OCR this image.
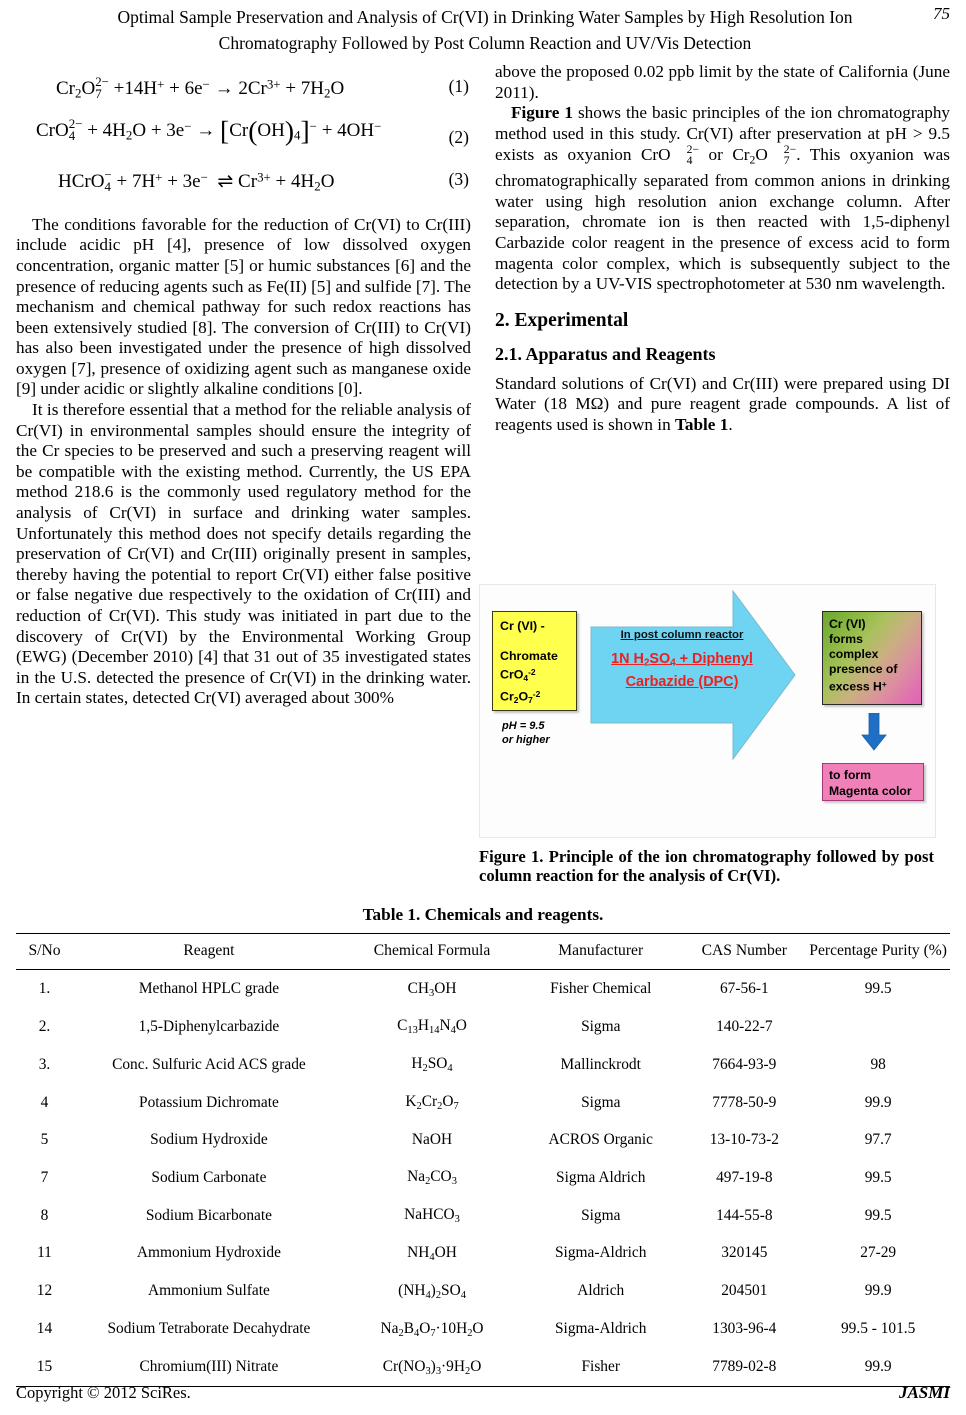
Optimal Sample Preservation and Analysis of Cr(VI) in Drinking Water Samples by High Resolution Ion
Chromatography Followed by Post Column Reaction and UV/Vis Detection
75
$Cr_2O$ 2−
$7 +14H^+ + 6e^- \to 2Cr^{3+} + 7H_2O$	(1)
CrO 2−
$4 + 4H_2O + 3e^- \to [Cr(OH)_4]^- + 4OH^-$
(2)
HCrO −
4 + 7H+ + 3e−  ⇌ $Cr^{3+} + 4H_2O$	(3)

The conditions favorable for the reduction of Cr(VI) to Cr(III) include acidic pH [4], presence of low dissolved oxygen concentration, organic matter [5] or humic substances [6] and the presence of reducing agents such as Fe(II) [5] and sulfide [7]. The mechanism and chemical pathway for such redox reactions has been extensively studied [8]. The conversion of Cr(III) to Cr(VI) has also been investigated under the presence of high dissolved oxygen [7], presence of oxidizing agent such as manganese oxide [9] under acidic or slightly alkaline conditions [0].

It is therefore essential that a method for the reliable analysis of Cr(VI) in environmental samples should ensure the integrity of the Cr species to be preserved and such a preserving reagent will be compatible with the existing method. Currently, the US EPA method 218.6 is the commonly used regulatory method for the analysis of Cr(VI) in surface and drinking water samples. Unfortunately this method does not specify details regarding the preservation of Cr(VI) and Cr(III) originally present in samples, thereby having the potential to report Cr(VI) either false positive or false negative due respectively to the oxidation of Cr(III) and reduction of Cr(VI). This study was initiated in part due to the discovery of Cr(VI) by the Environmental Working Group (EWG) (December 2010) [4] that 31 out of 35 investigated states in the U.S. detected the presence of Cr(VI) in the drinking water. In certain states, detected Cr(VI) averaged about 300%

above the proposed 0.02 ppb limit by the state of California (June 2011).

Figure 1 shows the basic principles of the ion chromatography method used in this study. Cr(VI) after preservation at pH > 9.5 exists as oxyanion CrO	2−
4 or $Cr_2O$	2−
7 . This oxyanion was chromatographically separated from common anions in drinking water using high resolution anion exchange column. After separation, chromate ion is then reacted with 1,5-diphenyl Carbazide color reagent in the presence of excess acid to form magenta color complex, which is subsequently subject to the detection by a UV-VIS spectrophotometer at 530 nm wavelength.

2. Experimental
2.1. Apparatus and Reagents

Standard solutions of Cr(VI) and Cr(III) were prepared using DI Water (18 MΩ) and pure reagent grade compounds. A list of reagents used is shown in Table 1.

Cr (VI) -
Chromate
CrO$_4^{-2}$
$Cr_2O_7^{-2}$
pH = 9.5
or higher
In post column reactor
1N $H_2SO_4$ + Diphenyl
Carbazide (DPC)
Cr (VI)
forms
complex
presence of
excess H+
to form
Magenta color
Figure 1. Principle of the ion chromatography followed by post column reaction for the analysis of Cr(VI).
Table 1. Chemicals and reagents.
S/No	Reagent	Chemical Formula	Manufacturer	CAS Number	Percentage Purity (%)
1.	Methanol HPLC grade	$CH_3OH$	Fisher Chemical	67-56-1	99.5
2.	1,5-Diphenylcarbazide	$C_{13}H_{14}N_4O$	Sigma	140-22-7	
3.	Conc. Sulfuric Acid ACS grade	$H_2SO_4$	Mallinckrodt	7664-93-9	98
4	Potassium Dichromate	$K_2Cr_2O_7$	Sigma	7778-50-9	99.9
5	Sodium Hydroxide	NaOH	ACROS Organic	13-10-73-2	97.7
7	Sodium Carbonate	$Na_2CO_3$	Sigma Aldrich	497-19-8	99.5
8	Sodium Bicarbonate	NaHCO$_3$	Sigma	144-55-8	99.5
11	Ammonium Hydroxide	$NH_4OH$	Sigma-Aldrich	320145	27-29
12	Ammonium Sulfate	$(NH_4)_2SO_4$	Aldrich	204501	99.9
14	Sodium Tetraborate Decahydrate	$Na_2B_4O_7\cdot 10H_2O$	Sigma-Aldrich	1303-96-4	99.5 - 101.5
15	Chromium(III) Nitrate	$Cr(NO_3)_3\cdot 9H_2O$	Fisher	7789-02-8	99.9
Copyright © 2012 SciRes.	JASMI
